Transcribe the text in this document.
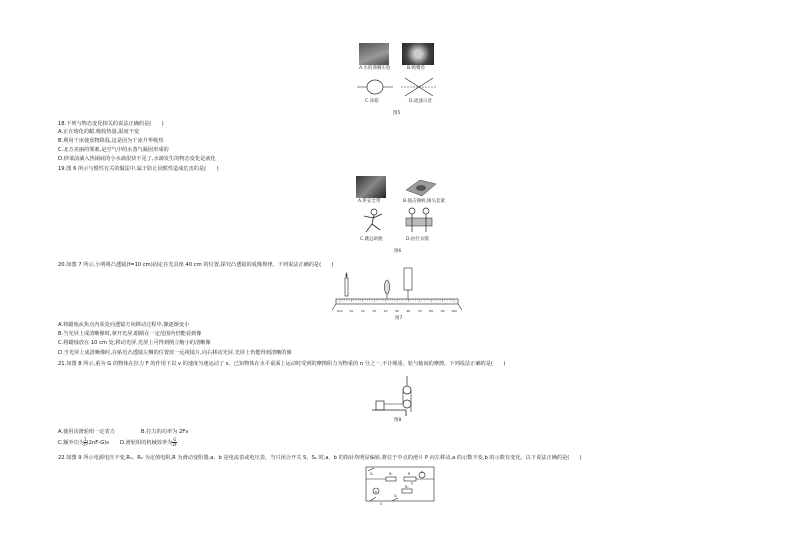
A.水的沸腾实验	B.鸭嘴兽
C.冰箱	D.流速示意
图5
18.下列与物态变化相关的说法正确的是(　　)
A.正在熔化的蜡,吸收热量,温度不变
B.利用干冰使食物降温,这是因为干冰升华吸热
C.北方美丽的雾凇,是空气中的水蒸气凝固形成的
D.炒菜前滴入热锅底的小水滴很快不见了,水滴发生的物态变化是液化
19.图 6 所示与惯性有关的做法中,属于防止因惯性造成危害的是(　　)
A.系安全带	B.撞击锤柄,锤头套紧
C.跳远助跑	D.拍打衣服
图6
20.如图 7 所示,小明将凸透镜(f=10 cm)固定在光具座 40 cm 的位置,探究凸透镜的成像规律。下列说法正确的是(　　)
0cm 10	20	30	40	50	60	70	80	90 100
图7
A.将蜡烛从焦点内某处向透镜方向移动过程中,像逐渐变小
B.当光屏上成清晰像时,拿开光屏,眼睛在一定范围内仍能看到像
C.将蜡烛放在 10 cm 处,移动光屏,光屏上可得到倒立缩小的清晰像
D.当光屏上成清晰像时,在贴近凸透镜左侧的位置放一远视镜片,向右移动光屏,光屏上仍能得到清晰的像
21.如图 8 所示,重为 G 的物体在拉力 F 的作用下以 v 的速度匀速运动了 s。已知物体在水平桌面上运动时受到的摩擦阻力为物重的 n 分之一,不计绳重、轮与轴间的摩擦。下列说法正确的是(　　)
图8
A.使用该滑轮组一定省力	B.拉力的功率为 2Fv
C.额外功为 $\frac{1}{n} (2nF-G)s$ D.滑轮组的机械效率为 $\frac{G}{2F}$
22.如图 9 所示电源电压不变,R₁、R₂ 为定值电阻,R 为滑动变阻器,a、b 是电流表或电压表。当只闭合开关 S、S₁ 时,a、b 的指针均明显偏转,将位于中点的滑片 P 向左移动,a 的示数不变,b 的示数有变化。以下说法正确的是(　　)
S₁	R₁	R
P
a
b
R₂
S₂
S
